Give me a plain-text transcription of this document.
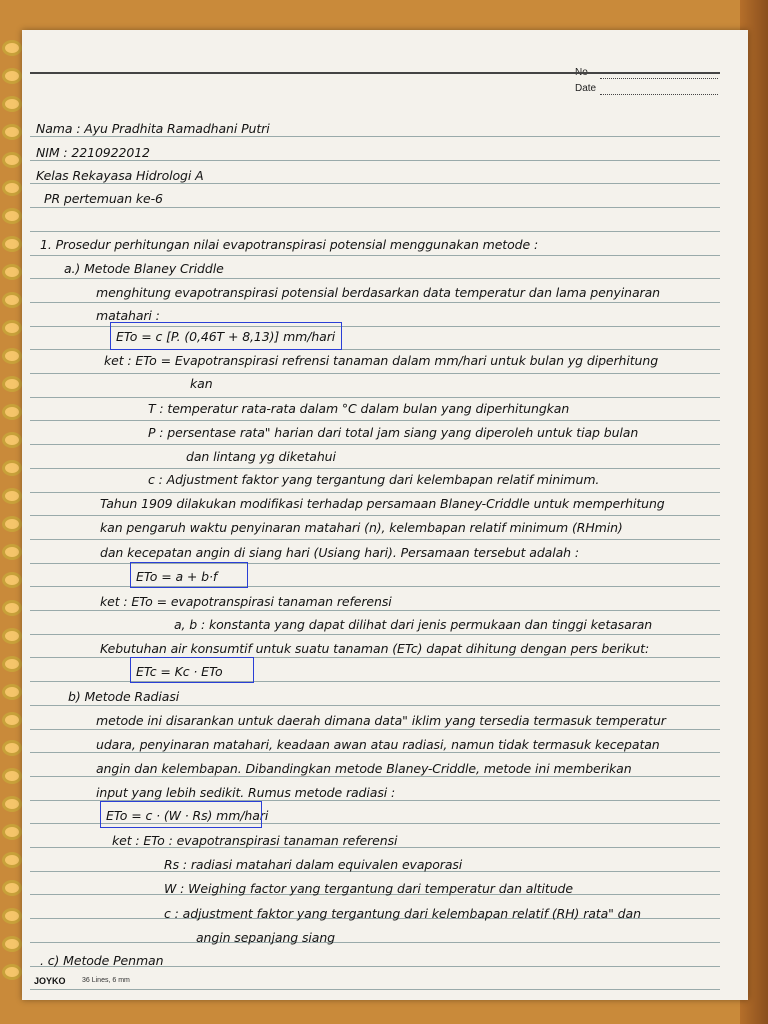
No
Date
Nama : Ayu Pradhita Ramadhani Putri
NIM : 2210922012
Kelas Rekayasa Hidrologi A
PR pertemuan ke-6
1. Prosedur perhitungan nilai evapotranspirasi potensial menggunakan metode :
a.) Metode Blaney Criddle
menghitung evapotranspirasi potensial berdasarkan data temperatur dan lama penyinaran
matahari :
ETo = c [P. (0,46T + 8,13)] mm/hari
ket : ETo = Evapotranspirasi refrensi tanaman dalam mm/hari untuk bulan yg diperhitung
kan
T : temperatur rata-rata dalam °C dalam bulan yang diperhitungkan
P : persentase rata" harian dari total jam siang yang diperoleh untuk tiap bulan
dan lintang yg diketahui
c : Adjustment faktor yang tergantung dari kelembapan relatif minimum.
Tahun 1909 dilakukan modifikasi terhadap persamaan Blaney-Criddle untuk memperhitung
kan pengaruh waktu penyinaran matahari (n), kelembapan relatif minimum (RHmin)
dan kecepatan angin di siang hari (Usiang hari). Persamaan tersebut adalah :
ETo = a + b·f
ket : ETo = evapotranspirasi tanaman referensi
a, b : konstanta yang dapat dilihat dari jenis permukaan dan tinggi ketasaran
Kebutuhan air konsumtif untuk suatu tanaman (ETc) dapat dihitung dengan pers berikut:
ETc = Kc · ETo
b) Metode Radiasi
metode ini disarankan untuk daerah dimana data" iklim yang tersedia termasuk temperatur
udara, penyinaran matahari, keadaan awan atau radiasi, namun tidak termasuk kecepatan
angin dan kelembapan. Dibandingkan metode Blaney-Criddle, metode ini memberikan
input yang lebih sedikit. Rumus metode radiasi :
ETo = c · (W · Rs) mm/hari
ket : ETo : evapotranspirasi tanaman referensi
Rs : radiasi matahari dalam equivalen evaporasi
W : Weighing factor yang tergantung dari temperatur dan altitude
c : adjustment faktor yang tergantung dari kelembapan relatif (RH) rata" dan
angin sepanjang siang
. c) Metode Penman
JOYKO 36 Lines, 6 mm
